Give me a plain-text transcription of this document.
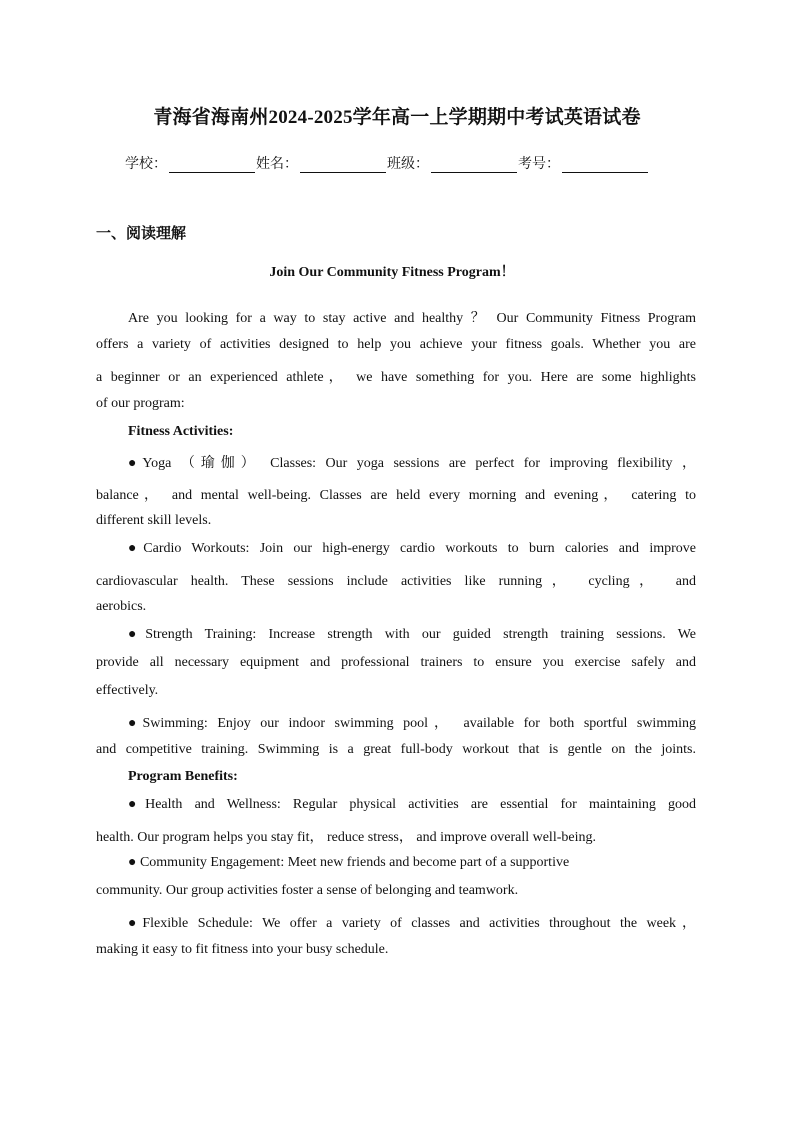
青海省海南州2024-2025学年高一上学期期中考试英语试卷
学校：	姓名：	班级：	考号：
一、阅读理解
Join Our Community Fitness Program！
Are you looking for a way to stay active and healthy ？ Our Community Fitness Program
offers a variety of activities designed to help you achieve your fitness goals. Whether you are
a beginner or an experienced athlete， we have something for you. Here are some highlights
of our program:
Fitness Activities:
●Yoga （瑜伽） Classes: Our yoga sessions are perfect for improving flexibility ，
balance， and mental well-being. Classes are held every morning and evening， catering to
different skill levels.
●Cardio Workouts: Join our high-energy cardio workouts to burn calories and improve
cardiovascular health. These sessions include activities like running， cycling， and
aerobics.
●Strength Training: Increase strength with our guided strength training sessions. We
provide all necessary equipment and professional trainers to ensure you exercise safely and
effectively.
●Swimming: Enjoy our indoor swimming pool， available for both sportful swimming
and competitive training. Swimming is a great full-body workout that is gentle on the joints.
Program Benefits:
●Health and Wellness: Regular physical activities are essential for maintaining good
health. Our program helps you stay fit， reduce stress， and improve overall well-being.
● Community Engagement: Meet new friends and become part of a supportive
community. Our group activities foster a sense of belonging and teamwork.
●Flexible Schedule: We offer a variety of classes and activities throughout the week，
making it easy to fit fitness into your busy schedule.
